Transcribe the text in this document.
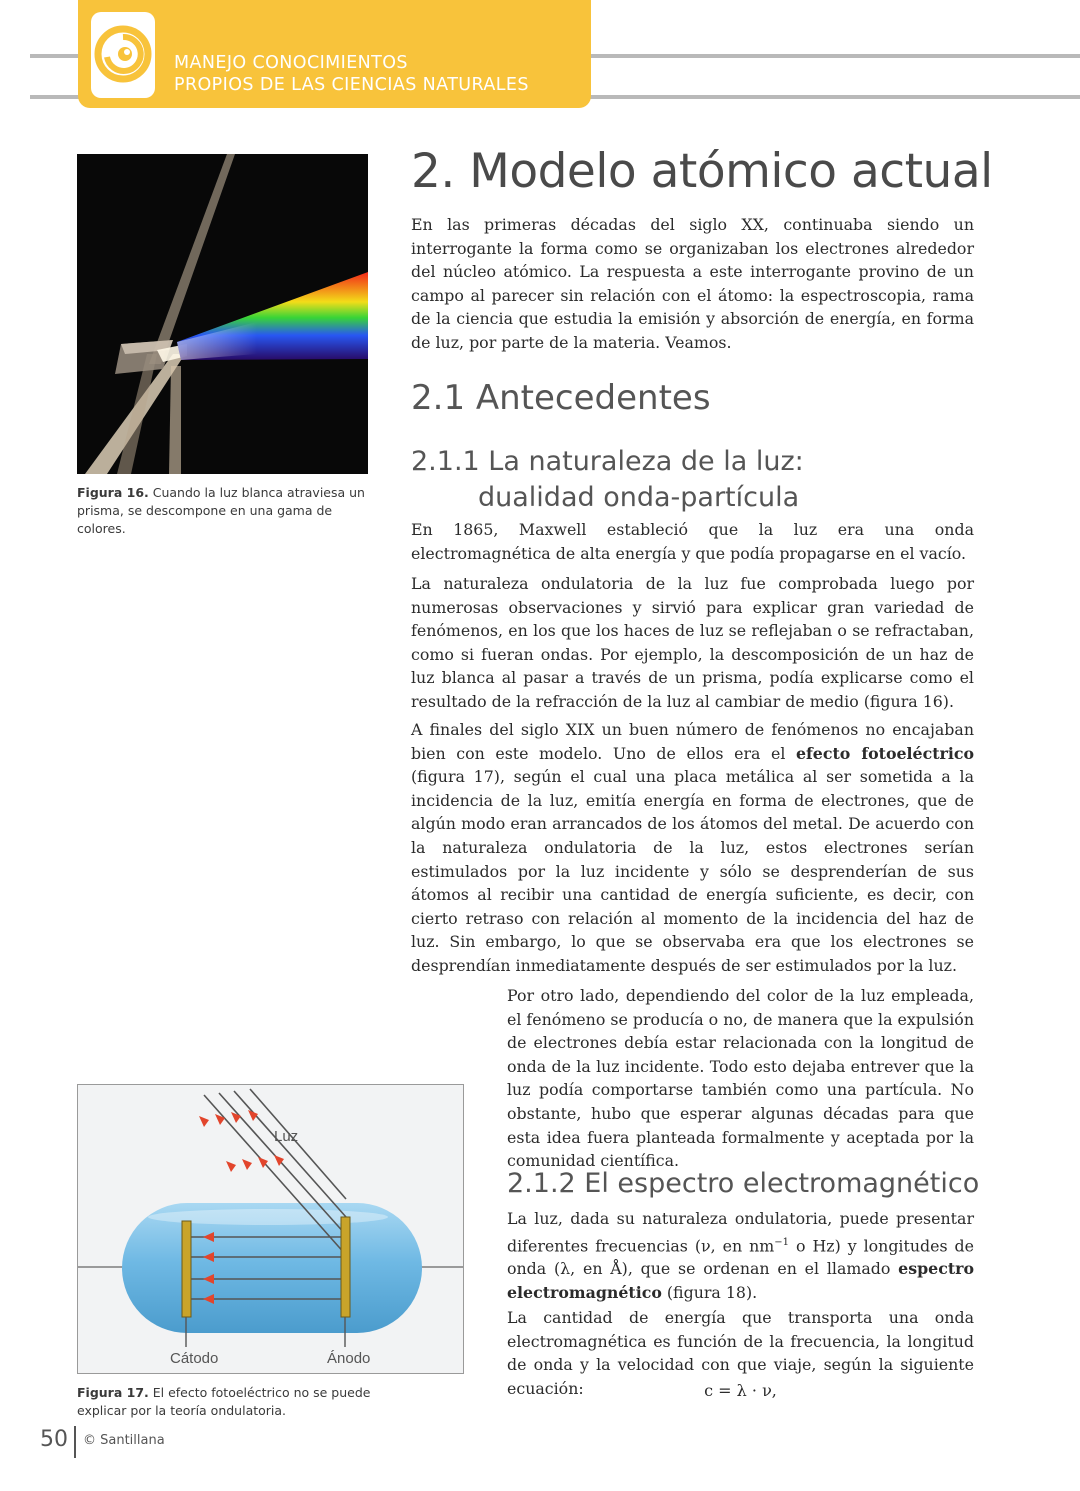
MANEJO CONOCIMIENTOS
PROPIOS DE LAS CIENCIAS NATURALES
Figura 16. Cuando la luz blanca atraviesa un prisma, se descompone en una gama de colores.
2. Modelo atómico actual

En las primeras décadas del siglo XX, continuaba siendo un interrogante la forma como se organizaban los electrones alrededor del núcleo atómico. La respuesta a este interrogante provino de un campo al parecer sin relación con el átomo: la espectroscopia, rama de la ciencia que estudia la emisión y absorción de energía, en forma de luz, por parte de la materia. Veamos.

2.1 Antecedentes
2.1.1 La naturaleza de la luz:
dualidad onda-partícula

En 1865, Maxwell estableció que la luz era una onda electromagnética de alta energía y que podía propagarse en el vacío.

La naturaleza ondulatoria de la luz fue comprobada luego por numerosas observaciones y sirvió para explicar gran variedad de fenómenos, en los que los haces de luz se reflejaban o se refractaban, como si fueran ondas. Por ejemplo, la descomposición de un haz de luz blanca al pasar a través de un prisma, podía explicarse como el resultado de la refracción de la luz al cambiar de medio (figura 16).

A finales del siglo XIX un buen número de fenómenos no encajaban bien con este modelo. Uno de ellos era el efecto fotoeléctrico (figura 17), según el cual una placa metálica al ser sometida a la incidencia de la luz, emitía energía en forma de electrones, que de algún modo eran arrancados de los átomos del metal. De acuerdo con la naturaleza ondulatoria de la luz, estos electrones serían estimulados por la luz incidente y sólo se desprenderían de sus átomos al recibir una cantidad de energía suficiente, es decir, con cierto retraso con relación al momento de la incidencia del haz de luz. Sin embargo, lo que se observaba era que los electrones se desprendían inmediatamente después de ser estimulados por la luz.

Por otro lado, dependiendo del color de la luz empleada, el fenómeno se producía o no, de manera que la expulsión de electrones debía estar relacionada con la longitud de onda de la luz incidente. Todo esto dejaba entrever que la luz podía comportarse también como una partícula. No obstante, hubo que esperar algunas décadas para que esta idea fuera planteada formalmente y aceptada por la comunidad científica.

2.1.2 El espectro electromagnético

La luz, dada su naturaleza ondulatoria, puede presentar diferentes frecuencias (ν, en $nm^{-1}$ o Hz) y longitudes de onda (λ, en Å), que se ordenan en el llamado espectro electromagnético (figura 18).

La cantidad de energía que transporta una onda electromagnética es función de la frecuencia, la longitud de onda y la velocidad con que viaje, según la siguiente ecuación:	c = λ · ν,
Luz
Cátodo	Ánodo
Figura 17. El efecto fotoeléctrico no se puede explicar por la teoría ondulatoria.
50 © Santillana
